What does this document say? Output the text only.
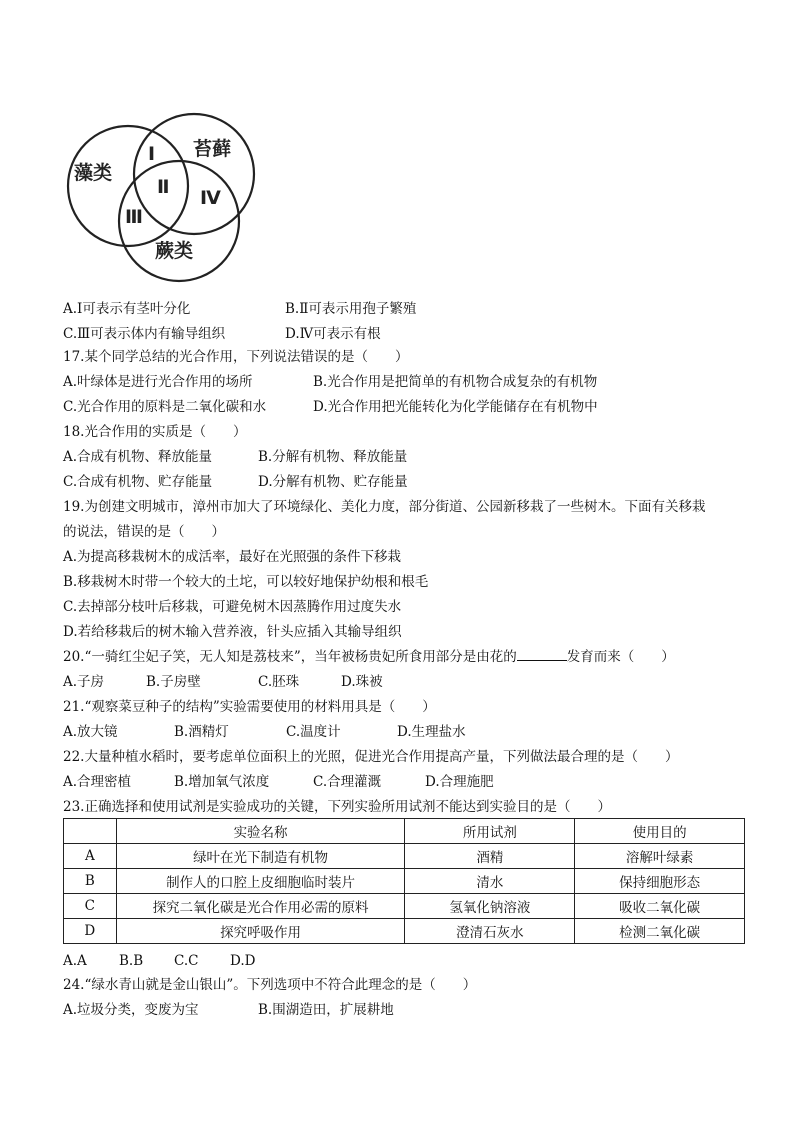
藻类
苔藓
蕨类
Ⅰ
Ⅱ
Ⅲ
Ⅳ
A.Ⅰ可表示有茎叶分化	B.Ⅱ可表示用孢子繁殖
C.Ⅲ可表示体内有输导组织	D.Ⅳ可表示有根
17.某个同学总结的光合作用，下列说法错误的是（　　）
A.叶绿体是进行光合作用的场所	B.光合作用是把简单的有机物合成复杂的有机物
C.光合作用的原料是二氧化碳和水	D.光合作用把光能转化为化学能储存在有机物中
18.光合作用的实质是（　　）
A.合成有机物、释放能量	B.分解有机物、释放能量
C.合成有机物、贮存能量	D.分解有机物、贮存能量
19.为创建文明城市，漳州市加大了环境绿化、美化力度，部分街道、公园新移栽了一些树木。下面有关移栽
的说法，错误的是（　　）
A.为提高移栽树木的成活率，最好在光照强的条件下移栽
B.移栽树木时带一个较大的土坨，可以较好地保护幼根和根毛
C.去掉部分枝叶后移栽，可避免树木因蒸腾作用过度失水
D.若给移栽后的树木输入营养液，针头应插入其输导组织
20.“一骑红尘妃子笑，无人知是荔枝来”，当年被杨贵妃所食用部分是由花的	发育而来（　　）
A.子房	B.子房壁	C.胚珠	D.珠被
21.“观察菜豆种子的结构”实验需要使用的材料用具是（　　）
A.放大镜	B.酒精灯	C.温度计	D.生理盐水
22.大量种植水稻时，要考虑单位面积上的光照，促进光合作用提高产量，下列做法最合理的是（　　）
A.合理密植	B.增加氧气浓度	C.合理灌溉	D.合理施肥
23.正确选择和使用试剂是实验成功的关键，下列实验所用试剂不能达到实验目的是（　　）
	实验名称	所用试剂	使用目的
A	绿叶在光下制造有机物	酒精	溶解叶绿素
B	制作人的口腔上皮细胞临时装片	清水	保持细胞形态
C	探究二氧化碳是光合作用必需的原料	氢氧化钠溶液	吸收二氧化碳
D	探究呼吸作用	澄清石灰水	检测二氧化碳
A.A B.B C.C D.D
24.“绿水青山就是金山银山”。下列选项中不符合此理念的是（　　）
A.垃圾分类，变废为宝	B.围湖造田，扩展耕地
